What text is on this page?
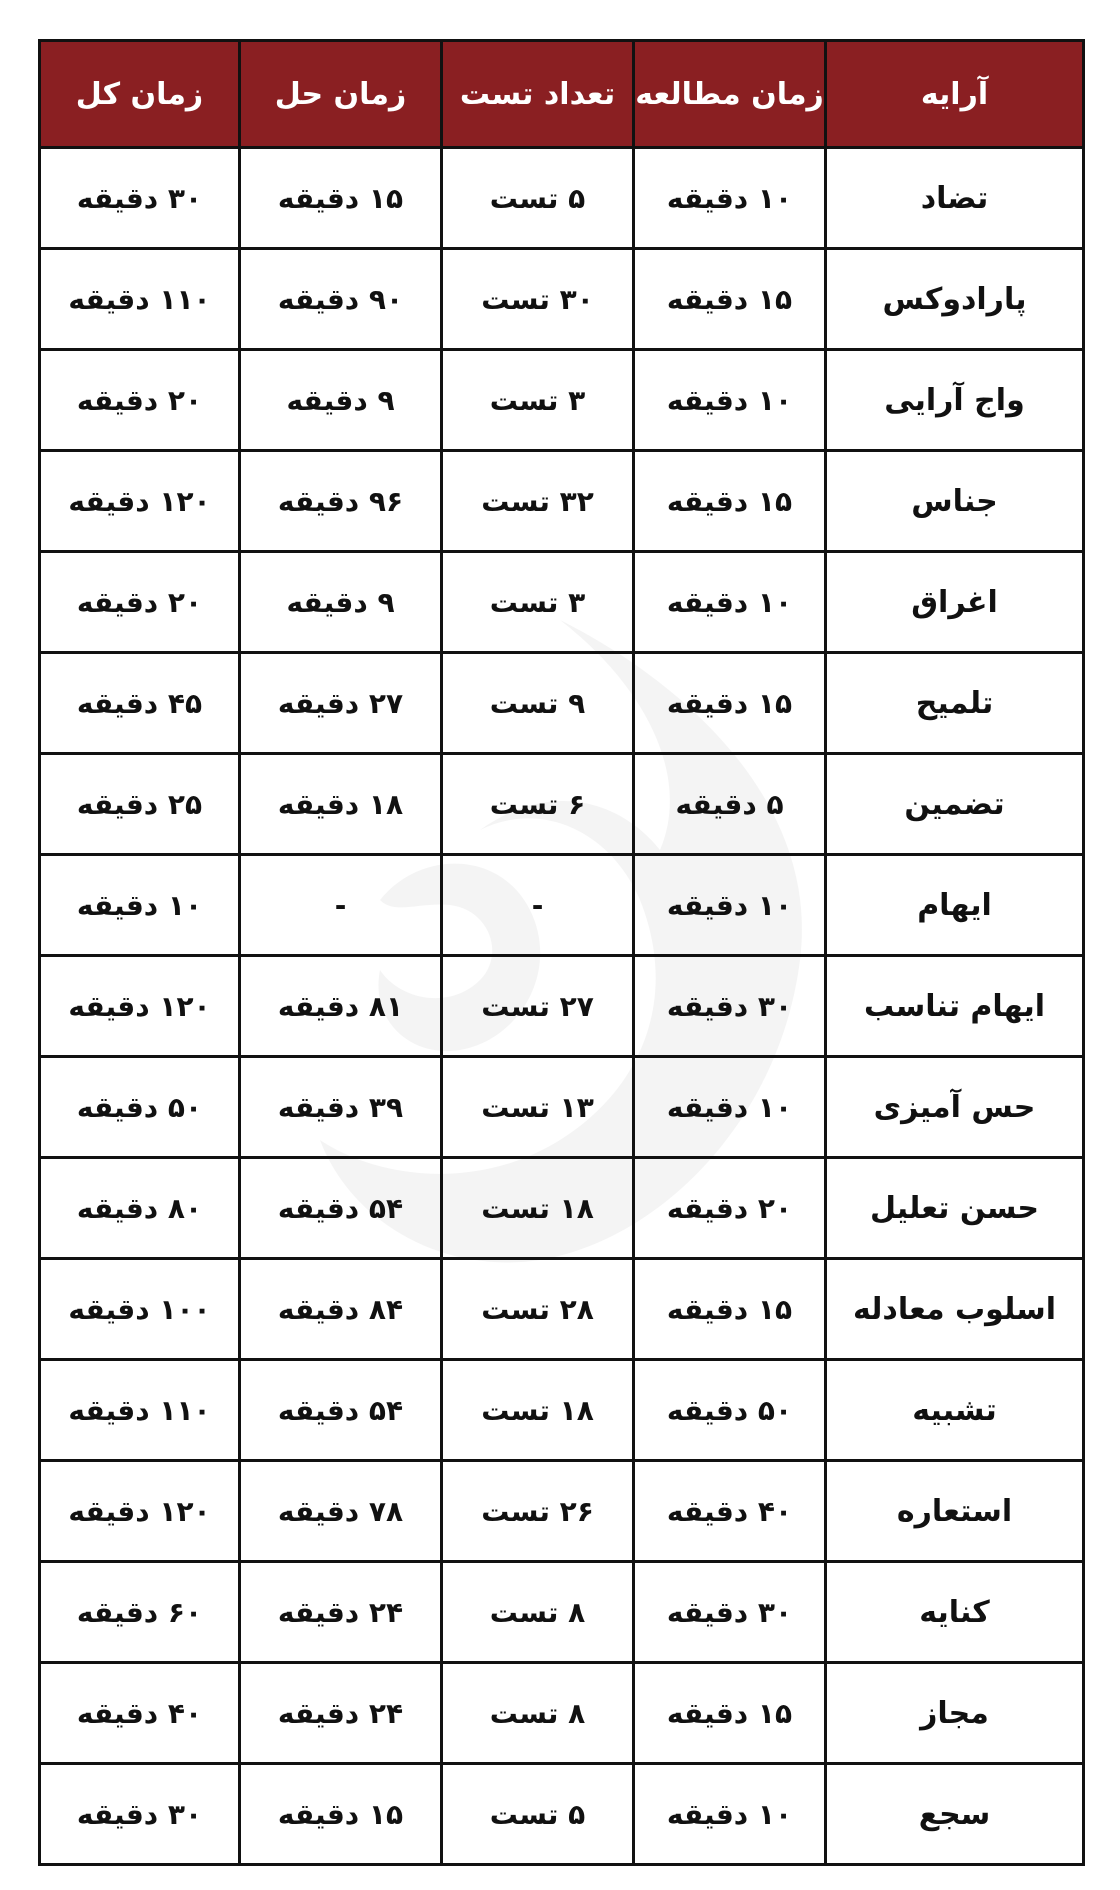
آرایه	زمان مطالعه	تعداد تست	زمان حل	زمان کل
تضاد	۱۰ دقیقه	۵ تست	۱۵ دقیقه	۳۰ دقیقه
پارادوکس	۱۵ دقیقه	۳۰ تست	۹۰ دقیقه	۱۱۰ دقیقه
واج آرایی	۱۰ دقیقه	۳ تست	۹ دقیقه	۲۰ دقیقه
جناس	۱۵ دقیقه	۳۲ تست	۹۶ دقیقه	۱۲۰ دقیقه
اغراق	۱۰ دقیقه	۳ تست	۹ دقیقه	۲۰ دقیقه
تلمیح	۱۵ دقیقه	۹ تست	۲۷ دقیقه	۴۵ دقیقه
تضمین	۵ دقیقه	۶ تست	۱۸ دقیقه	۲۵ دقیقه
ایهام	۱۰ دقیقه	-	-	۱۰ دقیقه
ایهام تناسب	۳۰ دقیقه	۲۷ تست	۸۱ دقیقه	۱۲۰ دقیقه
حس آمیزی	۱۰ دقیقه	۱۳ تست	۳۹ دقیقه	۵۰ دقیقه
حسن تعلیل	۲۰ دقیقه	۱۸ تست	۵۴ دقیقه	۸۰ دقیقه
اسلوب معادله	۱۵ دقیقه	۲۸ تست	۸۴ دقیقه	۱۰۰ دقیقه
تشبیه	۵۰ دقیقه	۱۸ تست	۵۴ دقیقه	۱۱۰ دقیقه
استعاره	۴۰ دقیقه	۲۶ تست	۷۸ دقیقه	۱۲۰ دقیقه
کنایه	۳۰ دقیقه	۸ تست	۲۴ دقیقه	۶۰ دقیقه
مجاز	۱۵ دقیقه	۸ تست	۲۴ دقیقه	۴۰ دقیقه
سجع	۱۰ دقیقه	۵ تست	۱۵ دقیقه	۳۰ دقیقه
